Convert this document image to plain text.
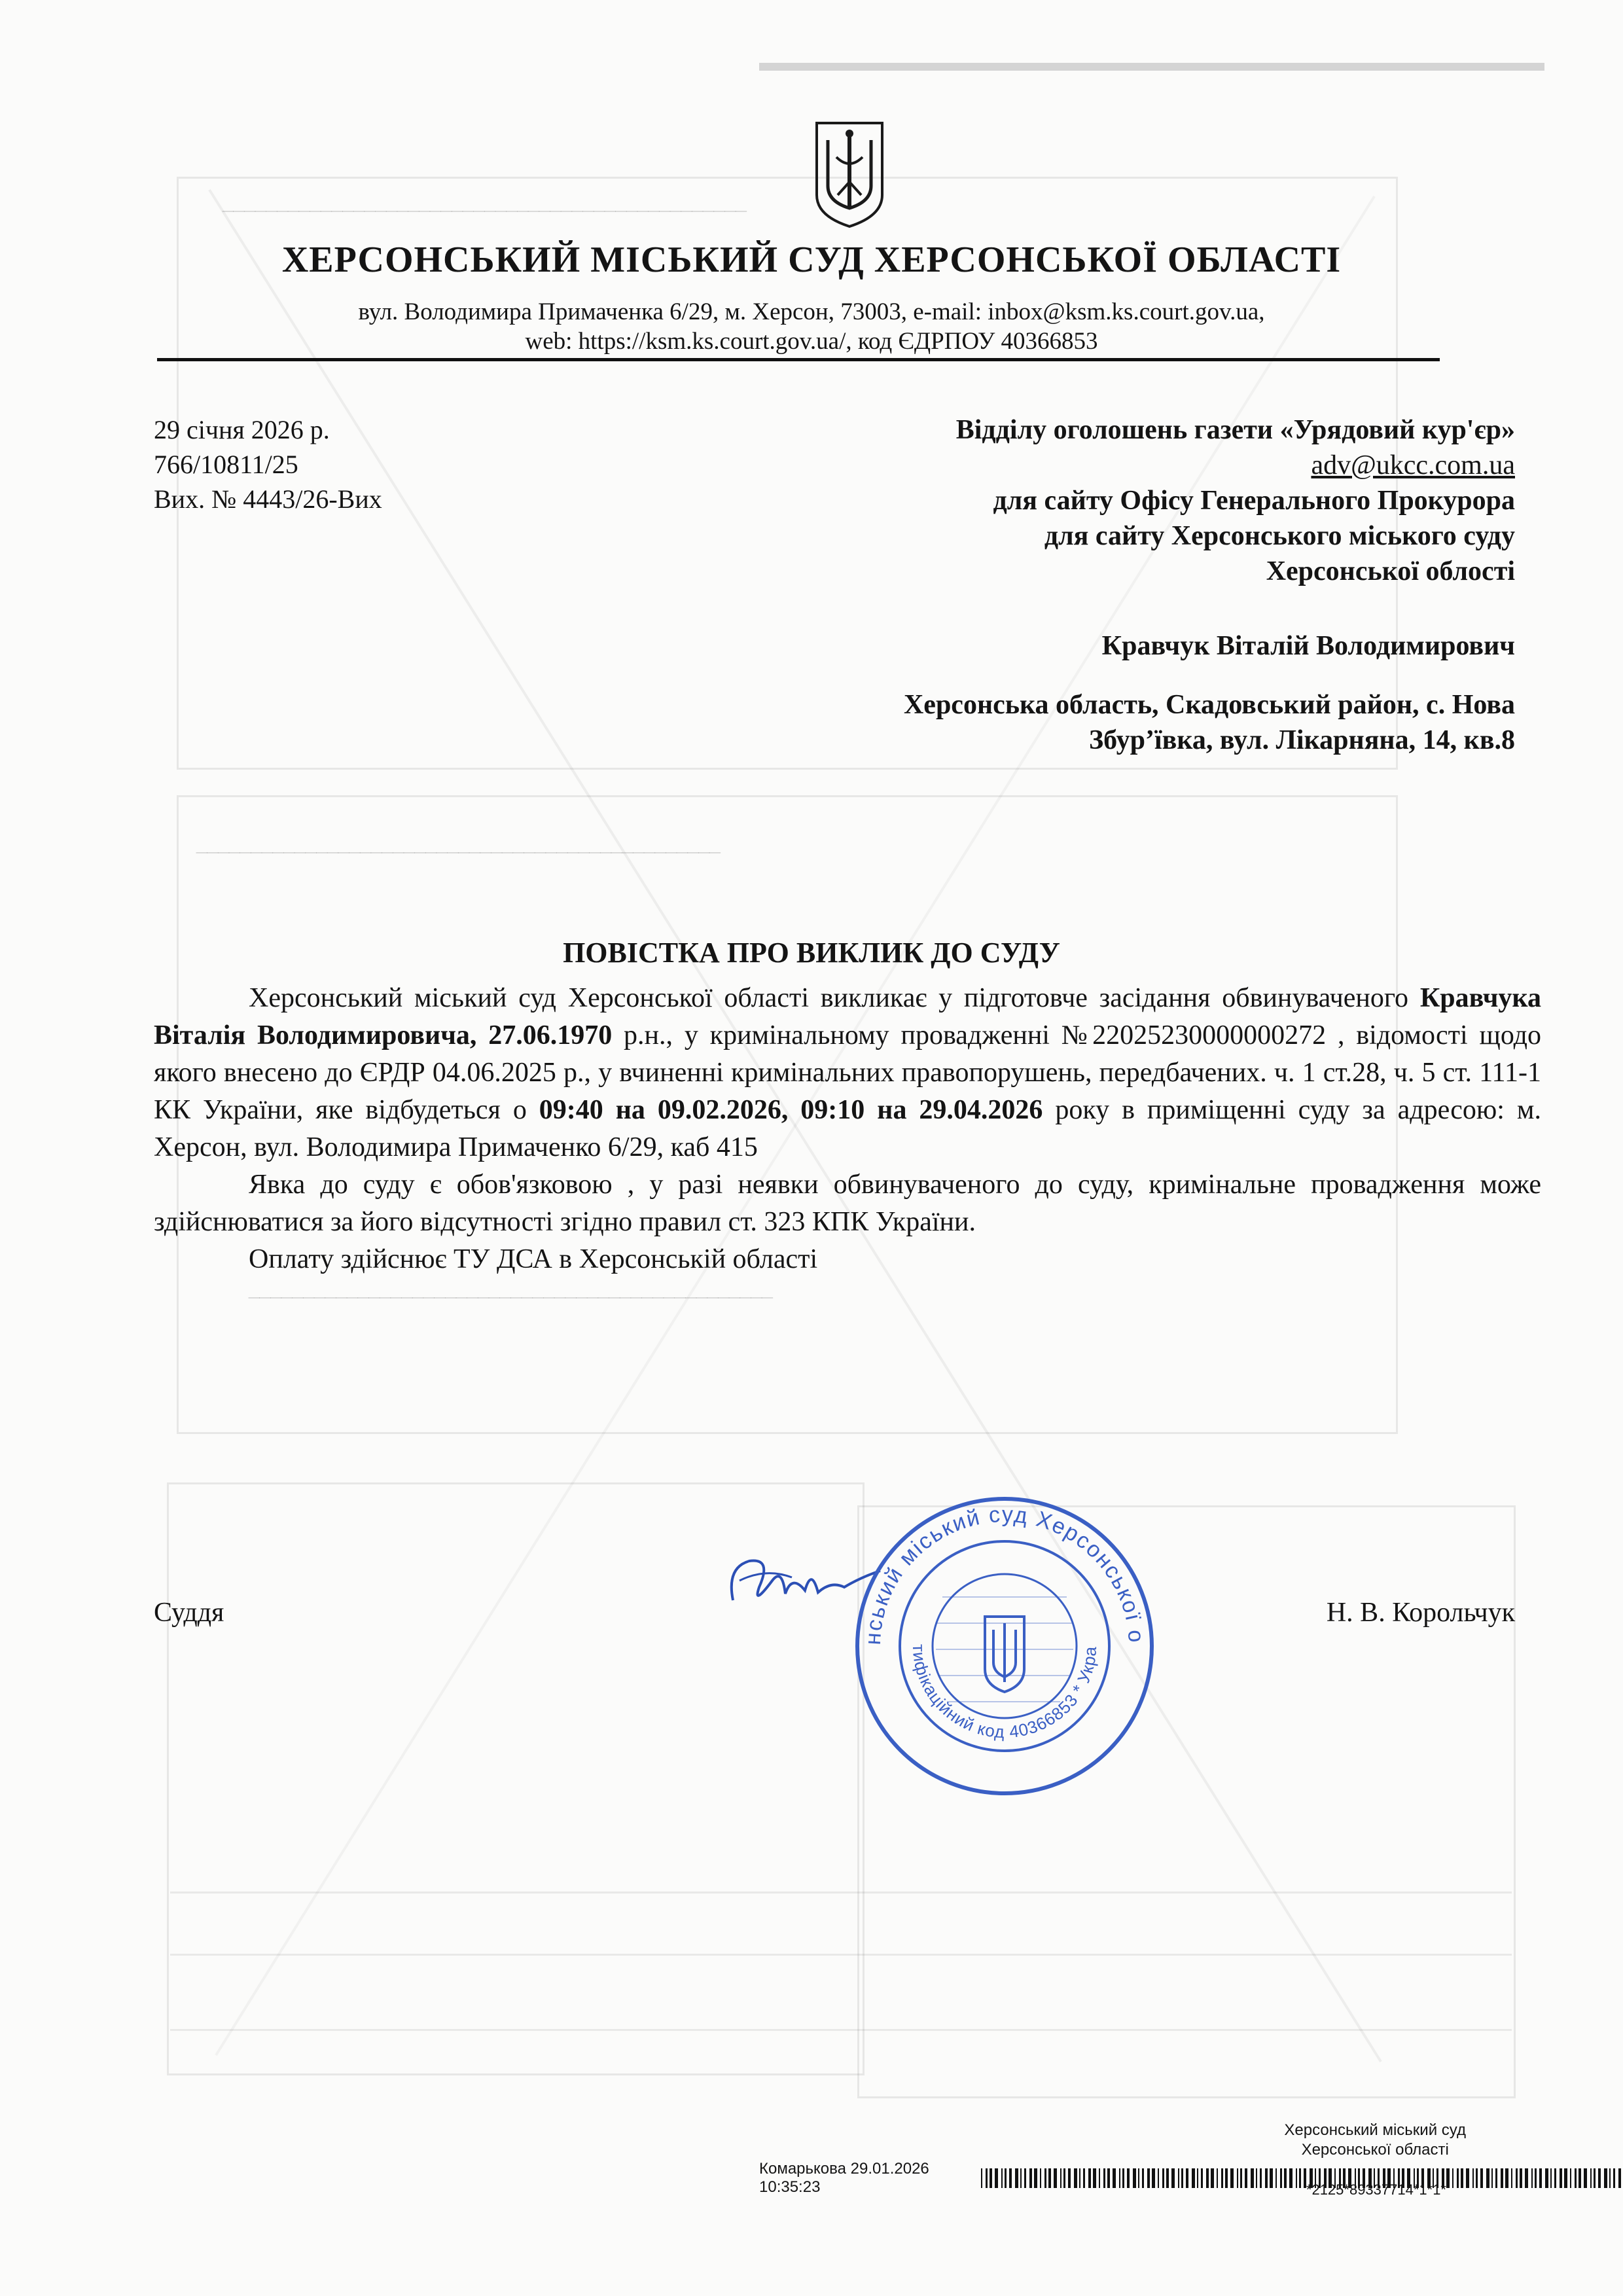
________________________________________________
________________________________________________
________________________________________________
ХЕРСОНСЬКИЙ МІСЬКИЙ СУД ХЕРСОНСЬКОЇ ОБЛАСТІ
вул. Володимира Примаченка 6/29, м. Херсон, 73003, e-mail: inbox@ksm.ks.court.gov.ua,
web: https://ksm.ks.court.gov.ua/, код ЄДРПОУ 40366853
29 січня 2026 р.
766/10811/25
Вих. № 4443/26-Вих
Відділу оголошень газети «Урядовий кур'єр»
adv@ukcc.com.ua
для сайту Офісу Генерального Прокурора
для сайту Херсонського міського суду
Херсонської облості
Кравчук Віталій Володимирович
Херсонська область, Скадовський район, с. Нова
Збур’ївка, вул. Лікарняна, 14, кв.8
ПОВІСТКА ПРО ВИКЛИК ДО СУДУ

Херсонський міський суд Херсонської області викликає у підготовче засідання обвинуваченого Кравчука Віталія Володимировича, 27.06.1970 р.н., у кримінальному провадженні №22025230000000272 , відомості щодо якого внесено до ЄРДР 04.06.2025 р., у вчиненні кримінальних правопорушень, передбачених. ч. 1 ст.28, ч. 5 ст. 111-1 КК України, яке відбудеться о 09:40 на 09.02.2026, 09:10 на 29.04.2026 року в приміщенні суду за адресою: м. Херсон, вул. Володимира Примаченко 6/29, каб 415

Явка до суду є обов'язковою , у разі неявки обвинуваченого до суду, кримінальне провадження може здійснюватися за його відсутності згідно правил ст. 323 КПК України.

Оплату здійснює ТУ ДСА в Херсонській області

Суддя	Н. В. Корольчук
нський міський суд Херсонської о
тифікаційний код 40366853 * Укра
Херсонський міський суд
Херсонської області
Комарькова 29.01.2026 10:35:23	*2125*89337714*1*1*
